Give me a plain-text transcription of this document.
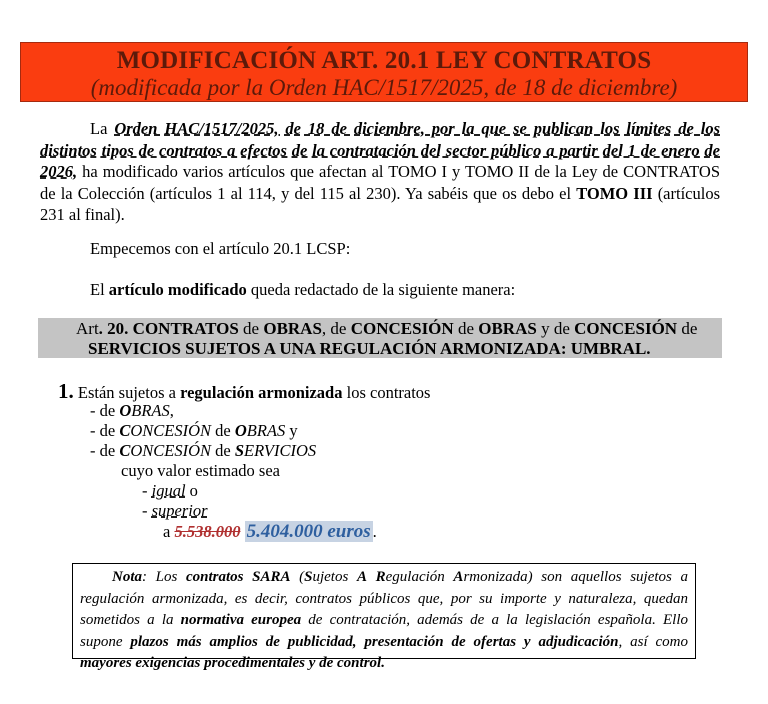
MODIFICACIÓN ART. 20.1 LEY CONTRATOS
(modificada por la Orden HAC/1517/2025, de 18 de diciembre)
La Orden HAC/1517/2025, de 18 de diciembre, por la que se publican los límites de los distintos tipos de contratos a efectos de la contratación del sector público a partir del 1 de enero de 2026, ha modificado varios artículos que afectan al TOMO I y TOMO II de la Ley de CONTRATOS de la Colección (artículos 1 al 114, y del 115 al 230). Ya sabéis que os debo el TOMO III (artículos 231 al final).
Empecemos con el artículo 20.1 LCSP:
El artículo modificado queda redactado de la siguiente manera:
Art. 20. CONTRATOS de OBRAS, de CONCESIÓN de OBRAS y de CONCESIÓN de
SERVICIOS SUJETOS A UNA REGULACIÓN ARMONIZADA: UMBRAL.
1. Están sujetos a regulación armonizada los contratos
- de OBRAS,
- de CONCESIÓN de OBRAS y
- de CONCESIÓN de SERVICIOS
cuyo valor estimado sea
- igual o
- superior
a 5.538.000 5.404.000 euros .
Nota: Los contratos SARA (Sujetos A Regulación Armonizada) son aquellos sujetos a regulación armonizada, es decir, contratos públicos que, por su importe y naturaleza, quedan sometidos a la normativa europea de contratación, además de a la legislación española. Ello supone plazos más amplios de publicidad, presentación de ofertas y adjudicación, así como mayores exigencias procedimentales y de control.
